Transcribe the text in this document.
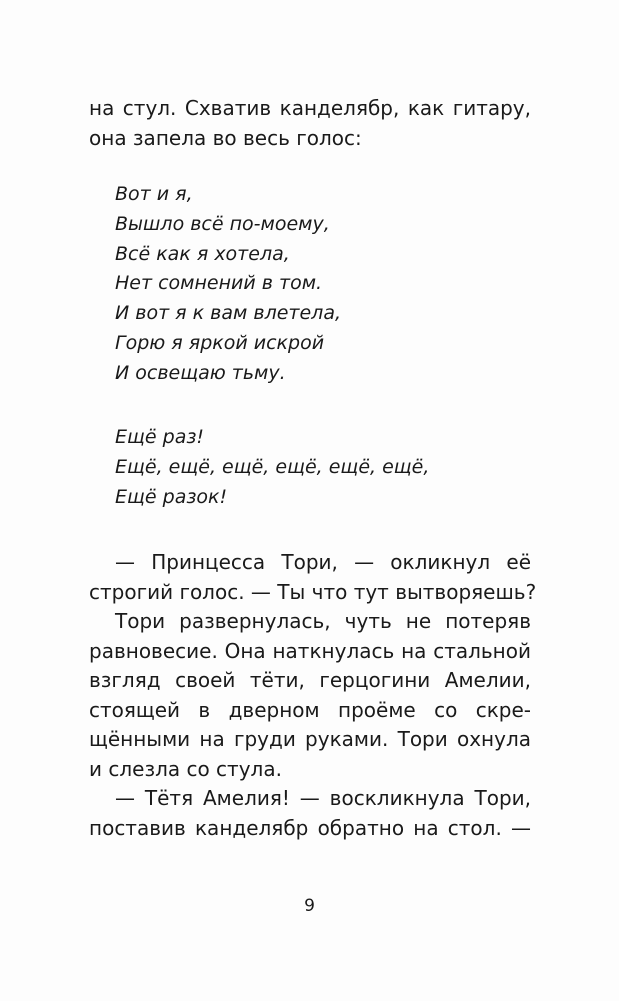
на стул. Схватив канделябр, как гитару,
она запела во весь голос:
Вот и я,
Вышло всё по-моему,
Всё как я хотела,
Нет сомнений в том.
И вот я к вам влетела,
Горю я яркой искрой
И освещаю тьму.
Ещё раз!
Ещё, ещё, ещё, ещё, ещё, ещё,
Ещё разок!
— Принцесса Тори, — окликнул её
строгий голос. — Ты что тут вытворяешь?
Тори развернулась, чуть не потеряв
равновесие. Она наткнулась на стальной
взгляд своей тёти, герцогини Амелии,
стоящей в дверном проёме со скре-
щёнными на груди руками. Тори охнула
и слезла со стула.
— Тётя Амелия! — воскликнула Тори,
поставив канделябр обратно на стол. —
9
